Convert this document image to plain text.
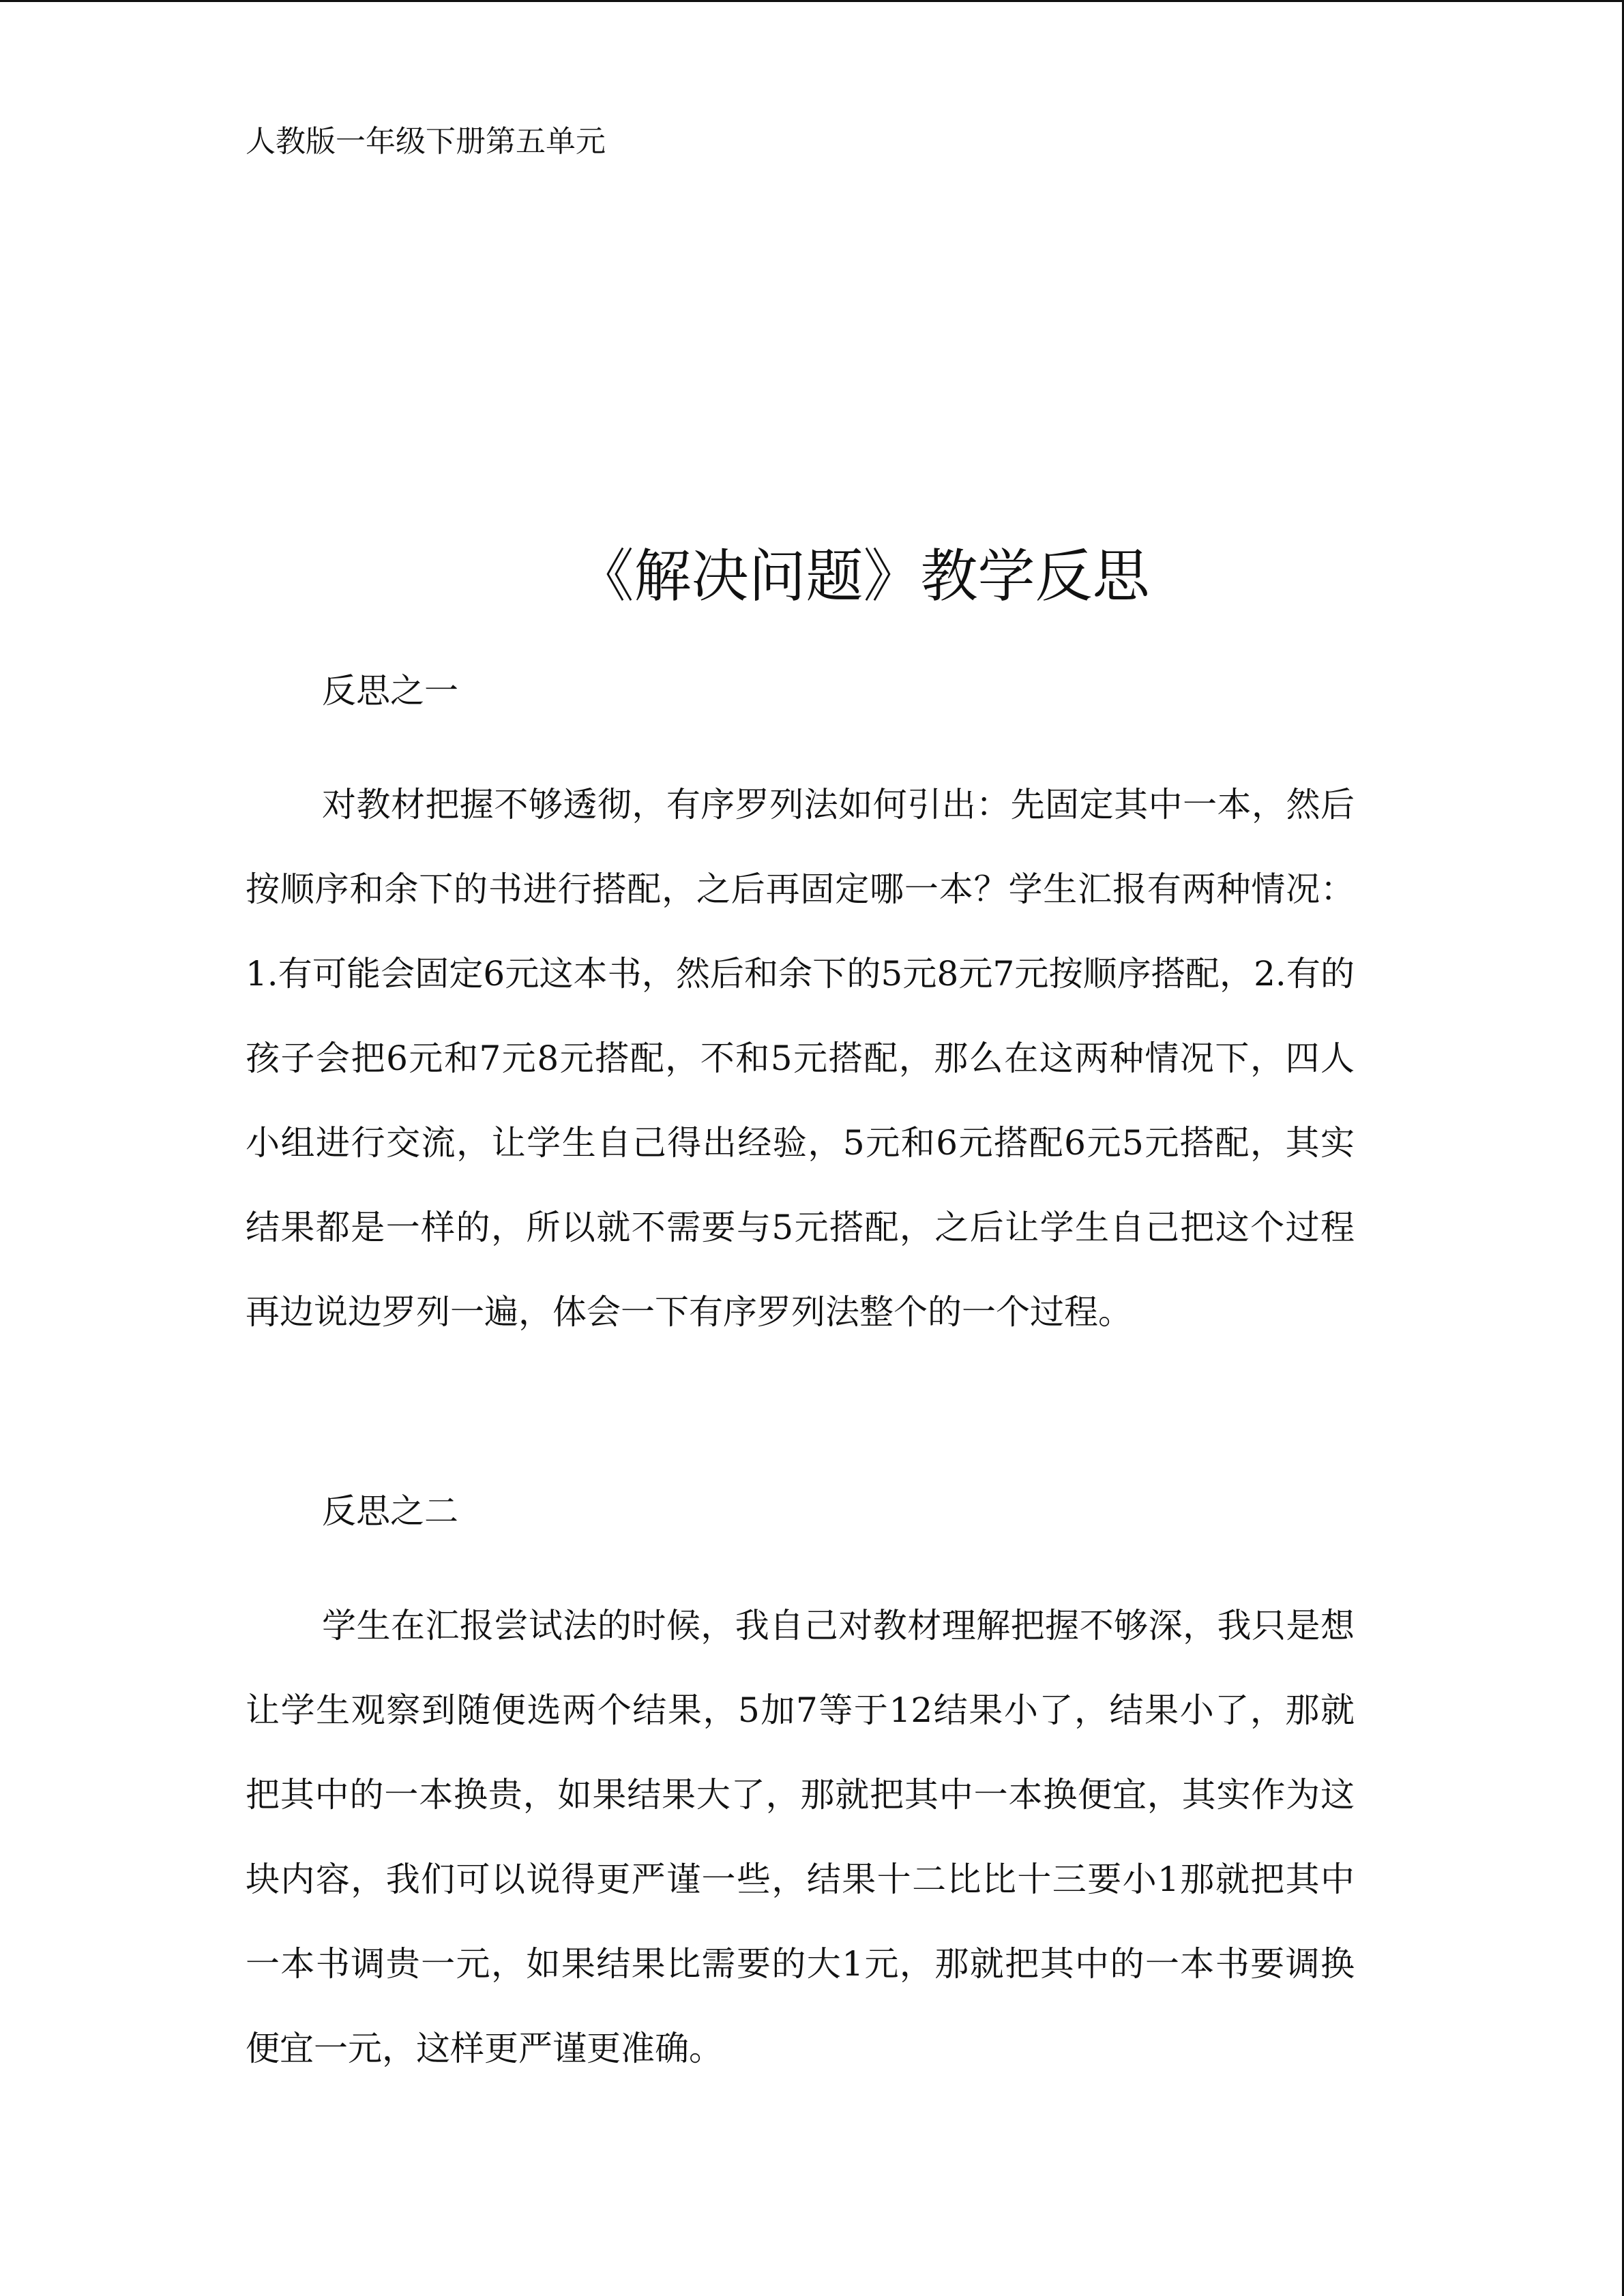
人教版一年级下册第五单元
《解决问题》教学反思
反思之一
对教材把握不够透彻，有序罗列法如何引出：先固定其中一本，然后按顺序和余下的书进行搭配，之后再固定哪一本？学生汇报有两种情况：1.有可能会固定6元这本书，然后和余下的5元8元7元按顺序搭配，2.有的孩子会把6元和7元8元搭配，不和5元搭配，那么在这两种情况下，四人小组进行交流，让学生自己得出经验，5元和6元搭配6元5元搭配，其实结果都是一样的，所以就不需要与5元搭配，之后让学生自己把这个过程再边说边罗列一遍，体会一下有序罗列法整个的一个过程。
反思之二
学生在汇报尝试法的时候，我自己对教材理解把握不够深，我只是想让学生观察到随便选两个结果，5加7等于12结果小了，结果小了，那就把其中的一本换贵，如果结果大了，那就把其中一本换便宜，其实作为这块内容，我们可以说得更严谨一些，结果十二比比十三要小1那就把其中一本书调贵一元，如果结果比需要的大1元，那就把其中的一本书要调换便宜一元，这样更严谨更准确。
